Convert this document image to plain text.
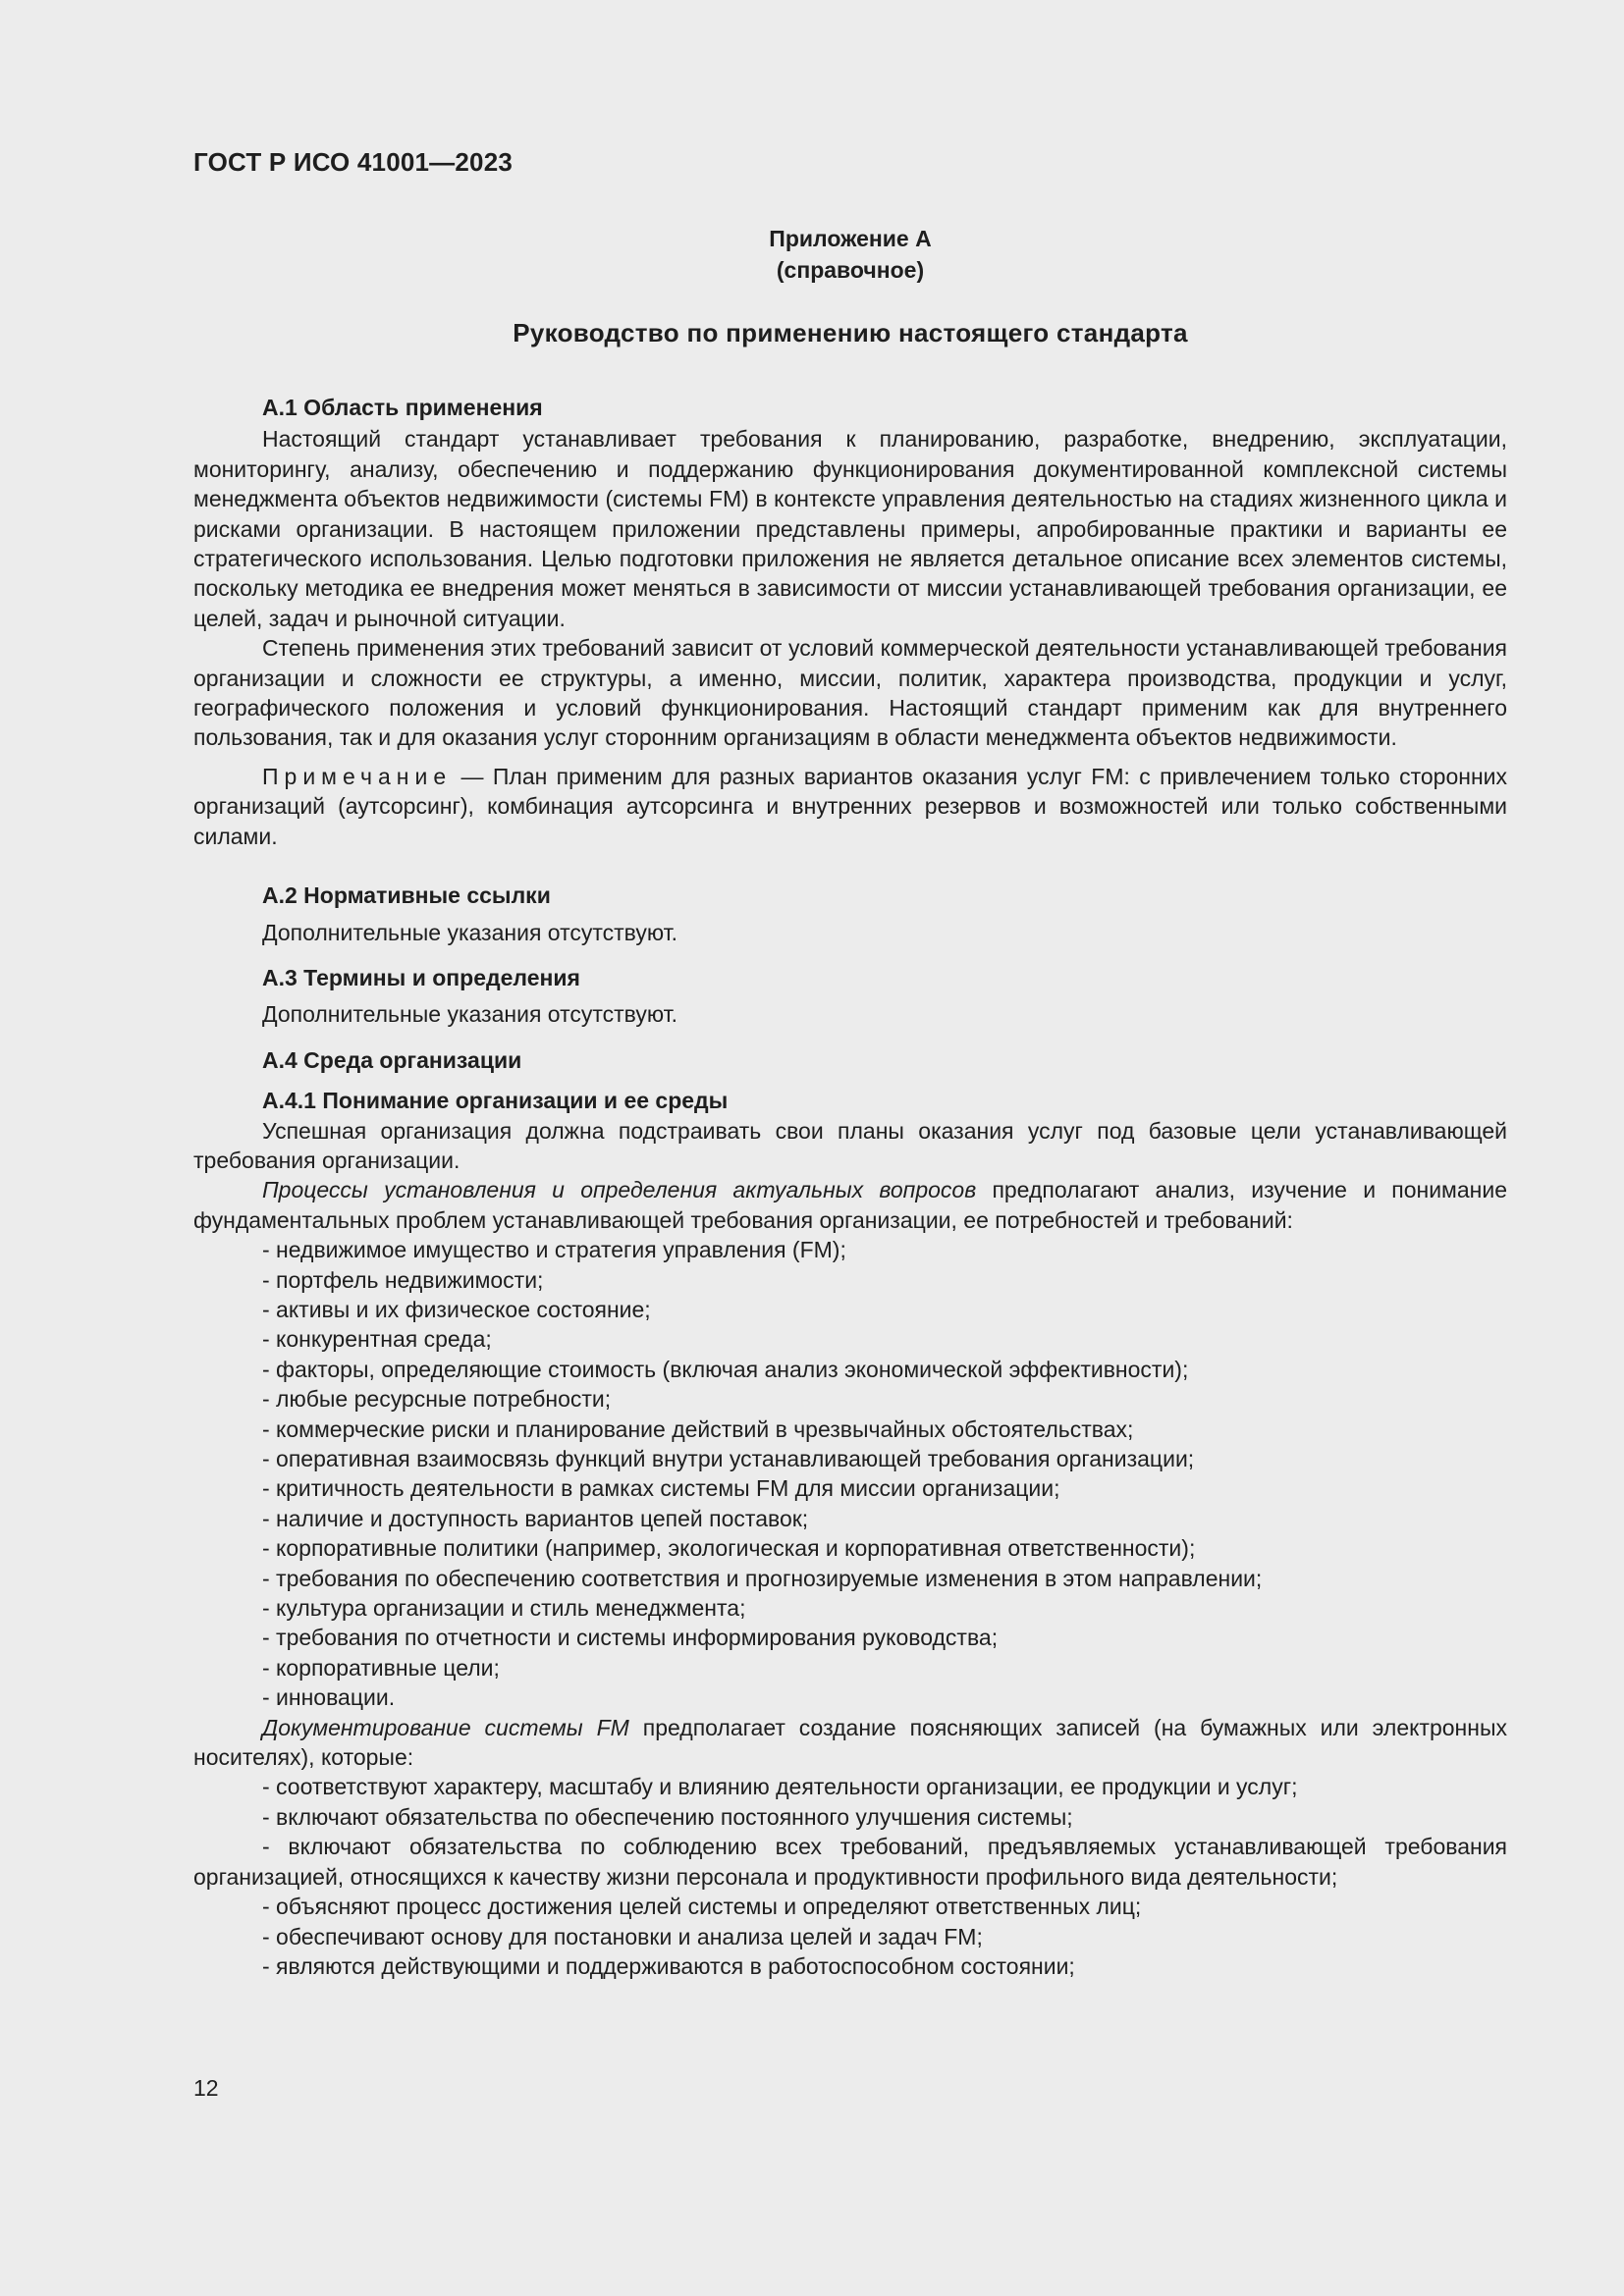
ГОСТ Р ИСО 41001—2023
Приложение А
(справочное)
Руководство по применению настоящего стандарта

А.1 Область применения

Настоящий стандарт устанавливает требования к планированию, разработке, внедрению, эксплуатации, мониторингу, анализу, обеспечению и поддержанию функционирования документированной комплексной системы менеджмента объектов недвижимости (системы FM) в контексте управления деятельностью на стадиях жизненного цикла и рисками организации. В настоящем приложении представлены примеры, апробированные практики и варианты ее стратегического использования. Целью подготовки приложения не является детальное описание всех элементов системы, поскольку методика ее внедрения может меняться в зависимости от миссии устанавливающей требования организации, ее целей, задач и рыночной ситуации.

Степень применения этих требований зависит от условий коммерческой деятельности устанавливающей требования организации и сложности ее структуры, а именно, миссии, политик, характера производства, продукции и услуг, географического положения и условий функционирования. Настоящий стандарт применим как для внутреннего пользования, так и для оказания услуг сторонним организациям в области менеджмента объектов недвижимости.

Примечание — План применим для разных вариантов оказания услуг FM: с привлечением только сторонних организаций (аутсорсинг), комбинация аутсорсинга и внутренних резервов и возможностей или только собственными силами.

А.2 Нормативные ссылки

Дополнительные указания отсутствуют.

А.3 Термины и определения

Дополнительные указания отсутствуют.

А.4 Среда организации

А.4.1 Понимание организации и ее среды

Успешная организация должна подстраивать свои планы оказания услуг под базовые цели устанавливающей требования организации.

Процессы установления и определения актуальных вопросов предполагают анализ, изучение и понимание фундаментальных проблем устанавливающей требования организации, ее потребностей и требований:

- недвижимое имущество и стратегия управления (FM);

- портфель недвижимости;

- активы и их физическое состояние;

- конкурентная среда;

- факторы, определяющие стоимость (включая анализ экономической эффективности);

- любые ресурсные потребности;

- коммерческие риски и планирование действий в чрезвычайных обстоятельствах;

- оперативная взаимосвязь функций внутри устанавливающей требования организации;

- критичность деятельности в рамках системы FM для миссии организации;

- наличие и доступность вариантов цепей поставок;

- корпоративные политики (например, экологическая и корпоративная ответственности);

- требования по обеспечению соответствия и прогнозируемые изменения в этом направлении;

- культура организации и стиль менеджмента;

- требования по отчетности и системы информирования руководства;

- корпоративные цели;

- инновации.

Документирование системы FM предполагает создание поясняющих записей (на бумажных или электронных носителях), которые:

- соответствуют характеру, масштабу и влиянию деятельности организации, ее продукции и услуг;

- включают обязательства по обеспечению постоянного улучшения системы;

- включают обязательства по соблюдению всех требований, предъявляемых устанавливающей требования организацией, относящихся к качеству жизни персонала и продуктивности профильного вида деятельности;

- объясняют процесс достижения целей системы и определяют ответственных лиц;

- обеспечивают основу для постановки и анализа целей и задач FM;

- являются действующими и поддерживаются в работоспособном состоянии;

12
